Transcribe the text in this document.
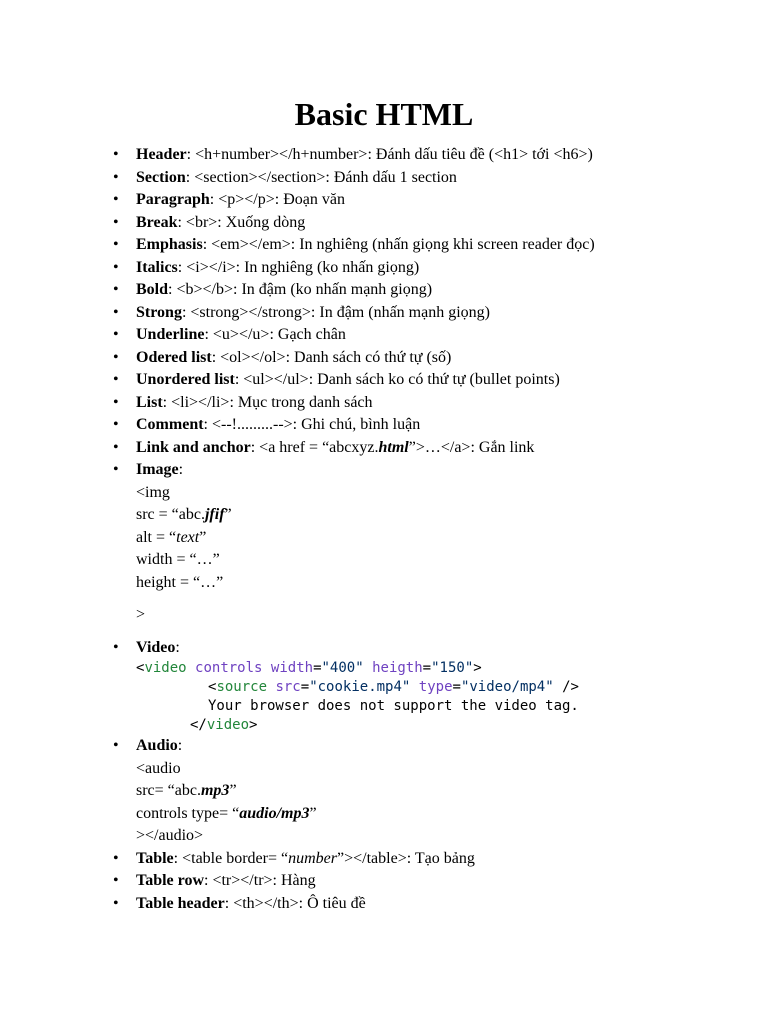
Basic HTML
• Header: <h+number></h+number>: Đánh dấu tiêu đề (<h1> tới <h6>)
• Section: <section></section>: Đánh dấu 1 section
• Paragraph: <p></p>: Đoạn văn
• Break: <br>: Xuống dòng
• Emphasis: <em></em>: In nghiêng (nhấn giọng khi screen reader đọc)
• Italics: <i></i>: In nghiêng (ko nhấn giọng)
• Bold: <b></b>: In đậm (ko nhấn mạnh giọng)
• Strong: <strong></strong>: In đậm (nhấn mạnh giọng)
• Underline: <u></u>: Gạch chân
• Odered list: <ol></ol>: Danh sách có thứ tự (số)
• Unordered list: <ul></ul>: Danh sách ko có thứ tự (bullet points)
• List: <li></li>: Mục trong danh sách
• Comment: <--!.........-->: Ghi chú, bình luận
• Link and anchor: <a href = “abcxyz.html”>…</a>: Gắn link
• Image:
<img
src = “abc.jfif”
alt = “text”
width = “…”
height = “…”
>
• Video:
<video controls width="400" heigth="150">
<source src="cookie.mp4" type="video/mp4" />
Your browser does not support the video tag.
</video>
• Audio:
<audio
src= “abc.mp3”
controls type= “audio/mp3”
></audio>
• Table: <table border= “number”></table>: Tạo bảng
• Table row: <tr></tr>: Hàng
• Table header: <th></th>: Ô tiêu đề
